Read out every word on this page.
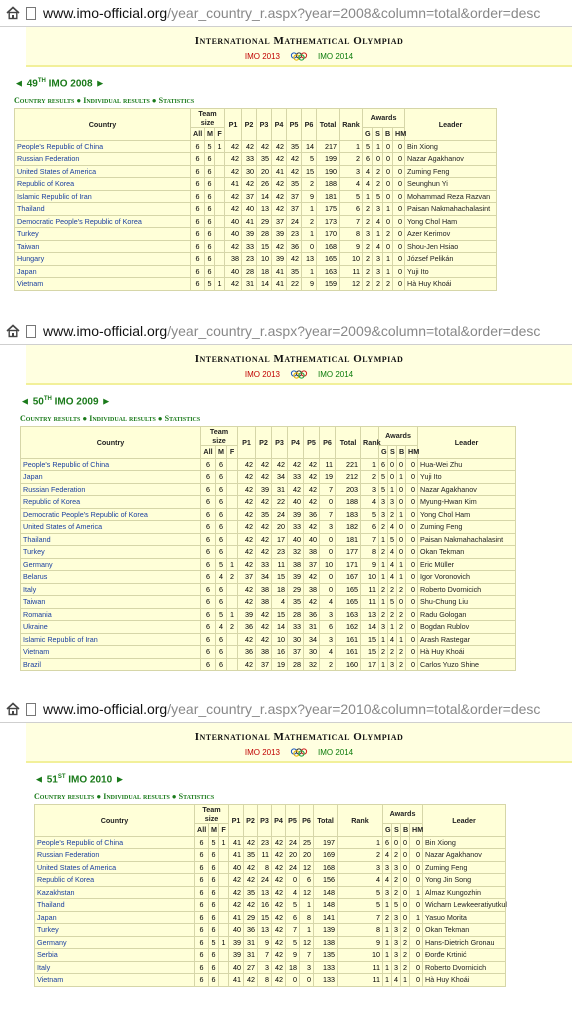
www.imo-official.org /year_country_r.aspx?year=2008&column=total&order=desc
International Mathematical Olympiad
IMO 2013	IMO 2014
◄ 49TH IMO 2008 ►
Country results ● Individual results ● Statistics
Country	Team size			P1	P2	P3	P4	P5	P6	Total	Rank	Awards				Leader
	All	M	F									G	S	B	HM	
People's Republic of China	6	5	1	42	42	42	42	35	14	217	1	5	1	0	0	Bin Xiong
Russian Federation	6	6		42	33	35	42	42	5	199	2	6	0	0	0	Nazar Agakhanov
United States of America	6	6		42	30	20	41	42	15	190	3	4	2	0	0	Zuming Feng
Republic of Korea	6	6		41	42	26	42	35	2	188	4	4	2	0	0	Seunghun Yi
Islamic Republic of Iran	6	6		42	37	14	42	37	9	181	5	1	5	0	0	Mohammad Reza Razvan
Thailand	6	6		42	40	13	42	37	1	175	6	2	3	1	0	Paisan Nakmahachalasint
Democratic People's Republic of Korea	6	6		40	41	29	37	24	2	173	7	2	4	0	0	Yong Chol Ham
Turkey	6	6		40	39	28	39	23	1	170	8	3	1	2	0	Azer Kerimov
Taiwan	6	6		42	33	15	42	36	0	168	9	2	4	0	0	Shou-Jen Hsiao
Hungary	6	6		38	23	10	39	42	13	165	10	2	3	1	0	József Pelikán
Japan	6	6		40	28	18	41	35	1	163	11	2	3	1	0	Yuji Ito
Vietnam	6	5	1	42	31	14	41	22	9	159	12	2	2	2	0	Hà Huy Khoái
www.imo-official.org /year_country_r.aspx?year=2009&column=total&order=desc
International Mathematical Olympiad
IMO 2013	IMO 2014
◄ 50TH IMO 2009 ►
Country results ● Individual results ● Statistics
Country	Team size			P1	P2	P3	P4	P5	P6	Total	Rank	Awards				Leader
	All	M	F									G	S	B	HM	
People's Republic of China	6	6		42	42	42	42	42	11	221	1	6	0	0	0	Hua-Wei Zhu
Japan	6	6		42	42	34	33	42	19	212	2	5	0	1	0	Yuji Ito
Russian Federation	6	6		42	39	31	42	42	7	203	3	5	1	0	0	Nazar Agakhanov
Republic of Korea	6	6		42	42	22	40	42	0	188	4	3	3	0	0	Myung-Hwan Kim
Democratic People's Republic of Korea	6	6		42	35	24	39	36	7	183	5	3	2	1	0	Yong Chol Ham
United States of America	6	6		42	42	20	33	42	3	182	6	2	4	0	0	Zuming Feng
Thailand	6	6		42	42	17	40	40	0	181	7	1	5	0	0	Paisan Nakmahachalasint
Turkey	6	6		42	42	23	32	38	0	177	8	2	4	0	0	Okan Tekman
Germany	6	5	1	42	33	11	38	37	10	171	9	1	4	1	0	Eric Müller
Belarus	6	4	2	37	34	15	39	42	0	167	10	1	4	1	0	Igor Voronovich
Italy	6	6		42	38	18	29	38	0	165	11	2	2	2	0	Roberto Dvornicich
Taiwan	6	6		42	38	4	35	42	4	165	11	1	5	0	0	Shu-Chung Liu
Romania	6	5	1	39	42	15	28	36	3	163	13	2	2	2	0	Radu Gologan
Ukraine	6	4	2	36	42	14	33	31	6	162	14	3	1	2	0	Bogdan Rublov
Islamic Republic of Iran	6	6		42	42	10	30	34	3	161	15	1	4	1	0	Arash Rastegar
Vietnam	6	6		36	38	16	37	30	4	161	15	2	2	2	0	Hà Huy Khoái
Brazil	6	6		42	37	19	28	32	2	160	17	1	3	2	0	Carlos Yuzo Shine
www.imo-official.org /year_country_r.aspx?year=2010&column=total&order=desc
International Mathematical Olympiad
IMO 2013	IMO 2014
◄ 51ST IMO 2010 ►
Country results ● Individual results ● Statistics
Country	Team size			P1	P2	P3	P4	P5	P6	Total	Rank	Awards				Leader
	All	M	F									G	S	B	HM	
People's Republic of China	6	5	1	41	42	23	42	24	25	197	1	6	0	0	0	Bin Xiong
Russian Federation	6	6		41	35	11	42	20	20	169	2	4	2	0	0	Nazar Agakhanov
United States of America	6	6		40	42	8	42	24	12	168	3	3	3	0	0	Zuming Feng
Republic of Korea	6	6		42	42	24	42	0	6	156	4	4	2	0	0	Yong Jin Song
Kazakhstan	6	6		42	35	13	42	4	12	148	5	3	2	0	1	Almaz Kungozhin
Thailand	6	6		42	42	16	42	5	1	148	5	1	5	0	0	Wicharn Lewkeeratiyutkul
Japan	6	6		41	29	15	42	6	8	141	7	2	3	0	1	Yasuo Morita
Turkey	6	6		40	36	13	42	7	1	139	8	1	3	2	0	Okan Tekman
Germany	6	5	1	39	31	9	42	5	12	138	9	1	3	2	0	Hans-Dietrich Gronau
Serbia	6	6		39	31	7	42	9	7	135	10	1	3	2	0	Đorđe Krtinić
Italy	6	6		40	27	3	42	18	3	133	11	1	3	2	0	Roberto Dvornicich
Vietnam	6	6		41	42	8	42	0	0	133	11	1	4	1	0	Hà Huy Khoái
